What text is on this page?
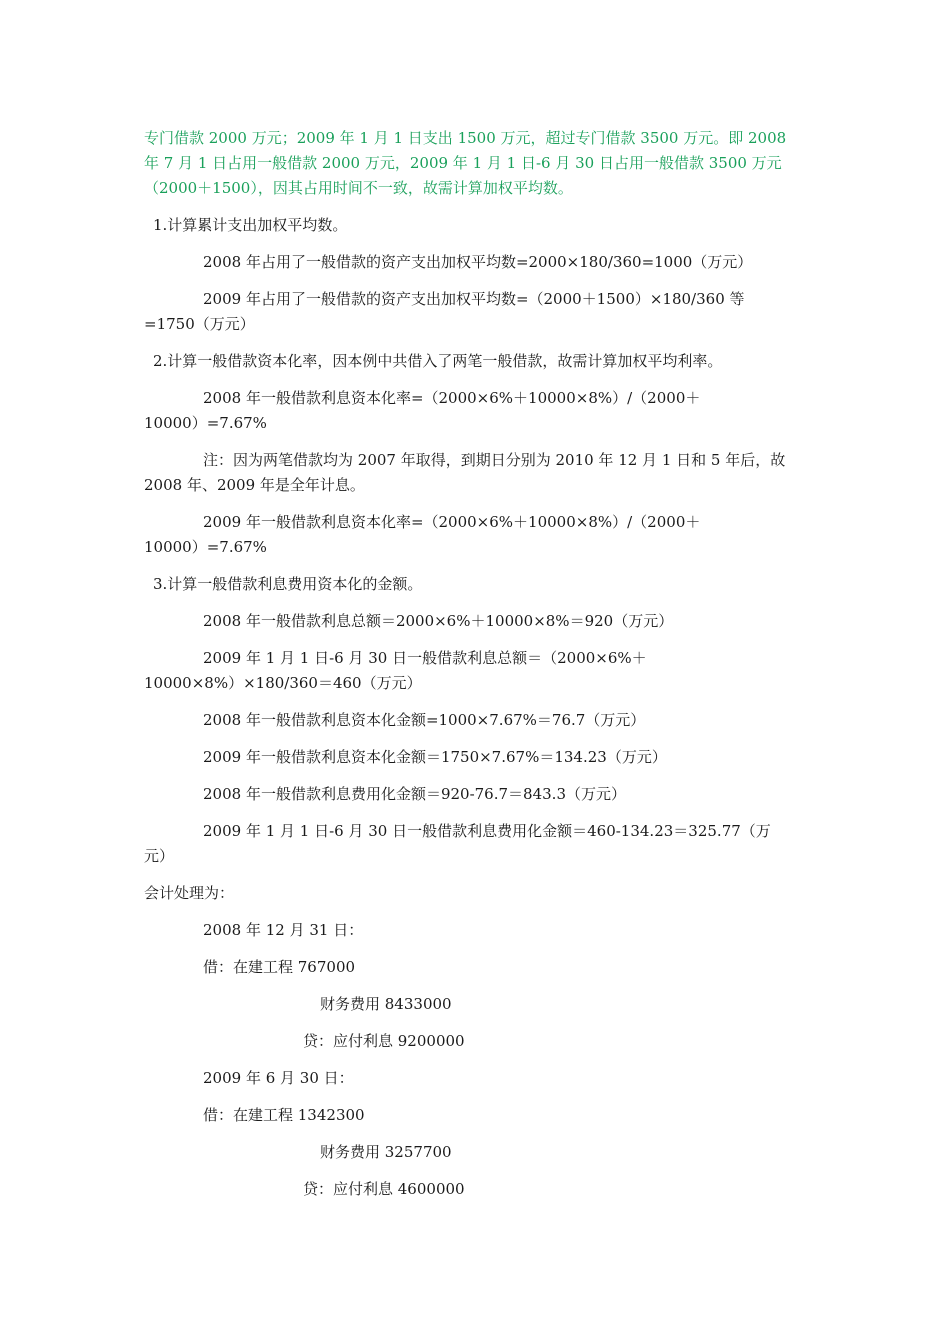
专门借款 2000 万元；2009 年 1 月 1 日支出 1500 万元，超过专门借款 3500 万元。即 2008
年 7 月 1 日占用一般借款 2000 万元，2009 年 1 月 1 日-6 月 30 日占用一般借款 3500 万元
（2000＋1500），因其占用时间不一致，故需计算加权平均数。
1.计算累计支出加权平均数。
2008 年占用了一般借款的资产支出加权平均数=2000×180/360=1000（万元）
2009 年占用了一般借款的资产支出加权平均数=（2000＋1500）×180/360 等
=1750（万元）
2.计算一般借款资本化率，因本例中共借入了两笔一般借款，故需计算加权平均利率。
2008 年一般借款利息资本化率=（2000×6%＋10000×8%）/（2000＋
10000）=7.67%
注：因为两笔借款均为 2007 年取得，到期日分别为 2010 年 12 月 1 日和 5 年后，故
2008 年、2009 年是全年计息。
2009 年一般借款利息资本化率=（2000×6%＋10000×8%）/（2000＋
10000）=7.67%
3.计算一般借款利息费用资本化的金额。
2008 年一般借款利息总额＝2000×6%＋10000×8%＝920（万元）
2009 年 1 月 1 日-6 月 30 日一般借款利息总额＝（2000×6%＋
10000×8%）×180/360＝460（万元）
2008 年一般借款利息资本化金额=1000×7.67%＝76.7（万元）
2009 年一般借款利息资本化金额＝1750×7.67%＝134.23（万元）
2008 年一般借款利息费用化金额＝920-76.7＝843.3（万元）
2009 年 1 月 1 日-6 月 30 日一般借款利息费用化金额＝460-134.23＝325.77（万
元）
会计处理为：
2008 年 12 月 31 日：
借：在建工程 767000
财务费用 8433000
贷：应付利息 9200000
2009 年 6 月 30 日：
借：在建工程 1342300
财务费用 3257700
贷：应付利息 4600000
